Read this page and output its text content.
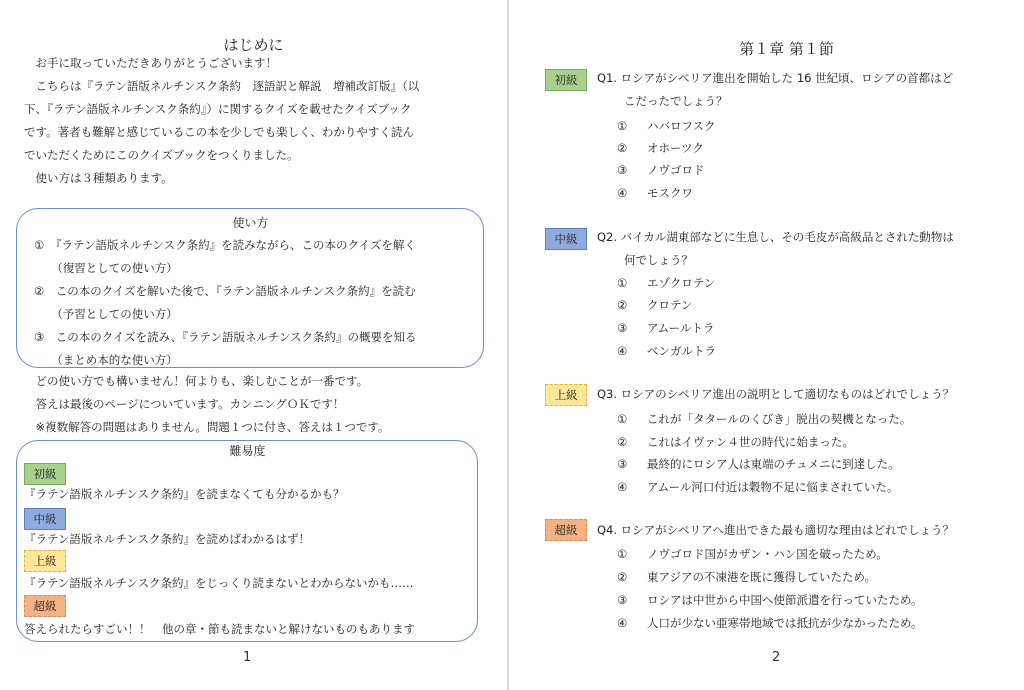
はじめに
　お手に取っていただきありがとうございます！
　こちらは『ラテン語版ネルチンスク条約　逐語訳と解説　増補改訂版』（以
下、『ラテン語版ネルチンスク条約』）に関するクイズを載せたクイズブック
です。著者も難解と感じているこの本を少しでも楽しく、わかりやすく読ん
でいただくためにこのクイズブックをつくりました。
　使い方は３種類あります。
使い方
①　『ラテン語版ネルチンスク条約』を読みながら、この本のクイズを解く
　　（復習としての使い方）
②　この本のクイズを解いた後で、『ラテン語版ネルチンスク条約』を読む
　　（予習としての使い方）
③　この本のクイズを読み、『ラテン語版ネルチンスク条約』の概要を知る
　　（まとめ本的な使い方）
　どの使い方でも構いません！何よりも、楽しむことが一番です。
　答えは最後のページについています。カンニングＯＫです！
　※複数解答の問題はありません。問題１つに付き、答えは１つです。
難易度
初級
『ラテン語版ネルチンスク条約』を読まなくても分かるかも？
中級
『ラテン語版ネルチンスク条約』を読めばわかるはず！
上級
『ラテン語版ネルチンスク条約』をじっくり読まないとわからないかも……
超級
答えられたらすごい！！　他の章・節も読まないと解けないものもあります
1
第１章 第１節
初級	Q1. ロシアがシベリア進出を開始した 16 世紀頃、ロシアの首都はど
こだったでしょう？
① ハバロフスク
② オホーツク
③ ノヴゴロド
④ モスクワ
中級	Q2. バイカル湖東部などに生息し、その毛皮が高級品とされた動物は
何でしょう？
① エゾクロテン
② クロテン
③ アムールトラ
④ ベンガルトラ
上級	Q3. ロシアのシベリア進出の説明として適切なものはどれでしょう？
① これが「タタールのくびき」脱出の契機となった。
② これはイヴァン４世の時代に始まった。
③ 最終的にロシア人は東端のチュメニに到達した。
④ アムール河口付近は穀物不足に悩まされていた。
超級	Q4. ロシアがシベリアへ進出できた最も適切な理由はどれでしょう？
① ノヴゴロド国がカザン・ハン国を破ったため。
② 東アジアの不凍港を既に獲得していたため。
③ ロシアは中世から中国へ使節派遣を行っていたため。
④ 人口が少ない亜寒帯地域では抵抗が少なかったため。
2
